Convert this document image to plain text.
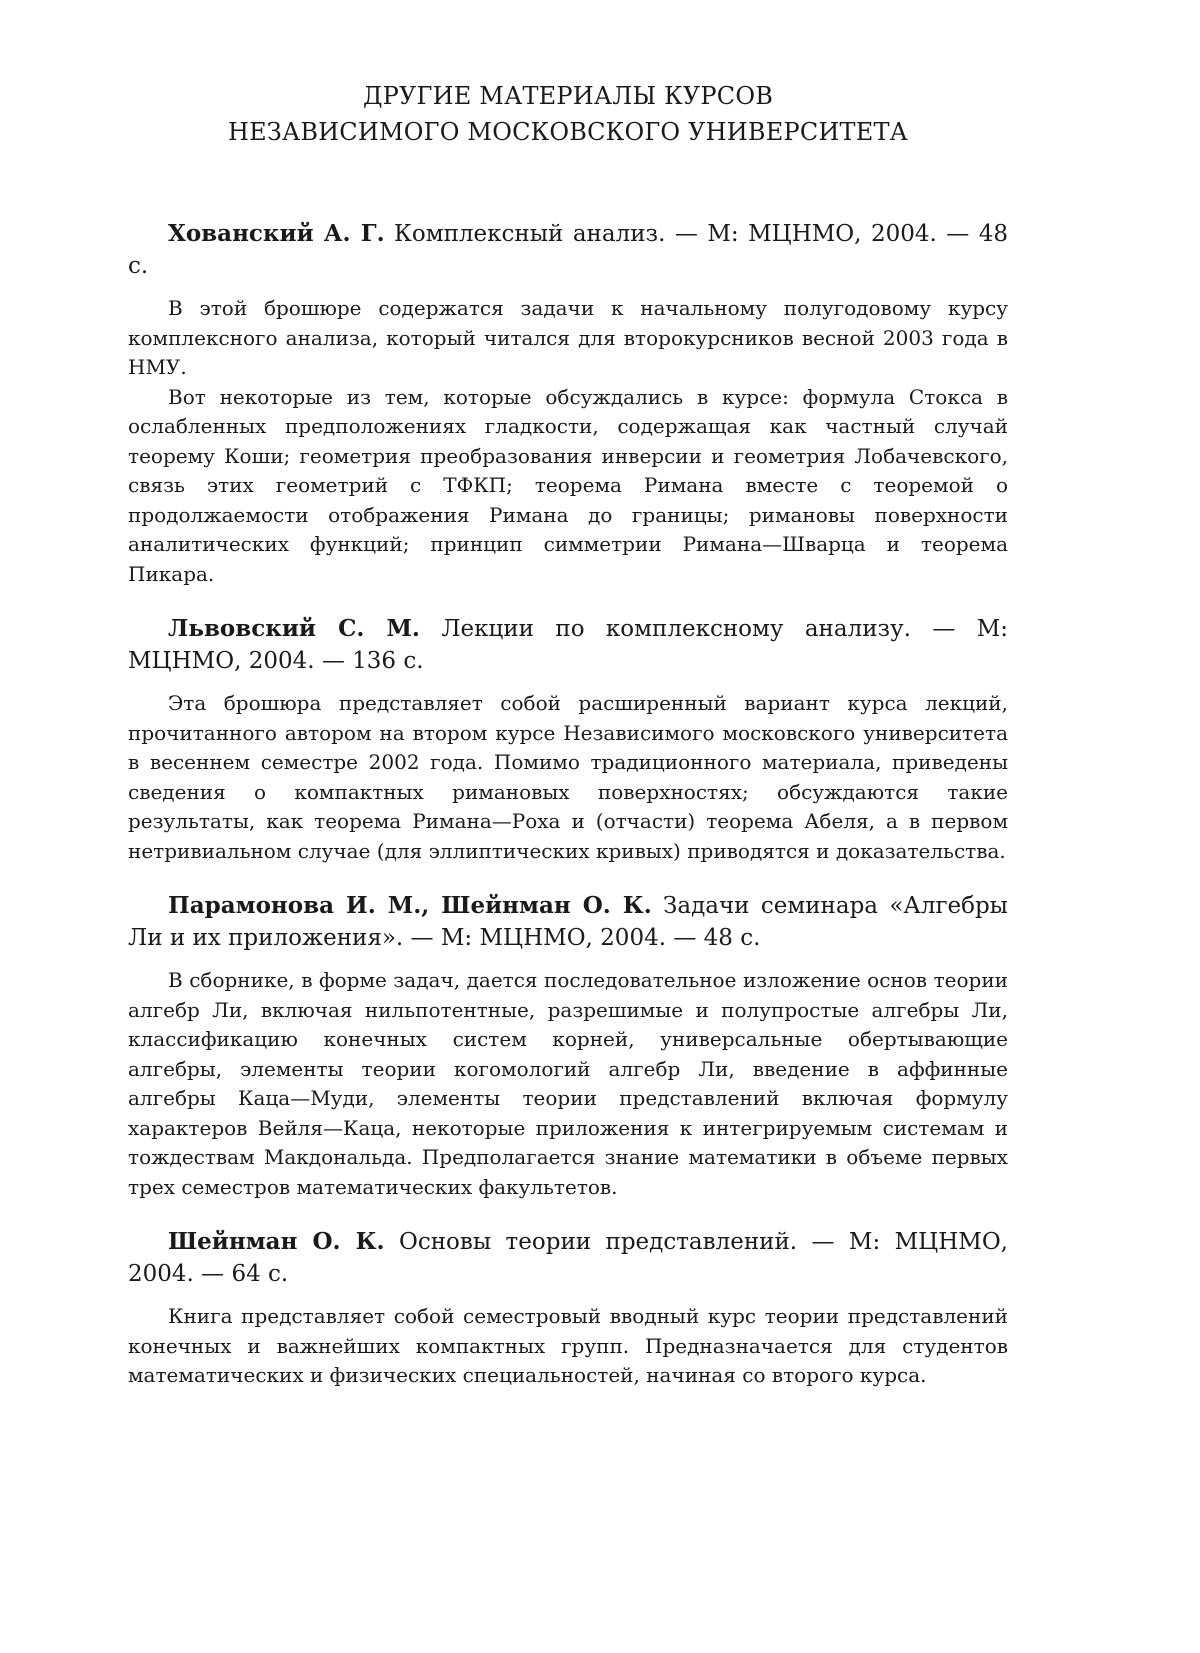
ДРУГИЕ МАТЕРИАЛЫ КУРСОВ
НЕЗАВИСИМОГО МОСКОВСКОГО УНИВЕРСИТЕТА

Хованский А. Г. Комплексный анализ. — М: МЦНМО, 2004. — 48 с.

В этой брошюре содержатся задачи к начальному полугодовому курсу комплексного анализа, который читался для второкурсников весной 2003 года в НМУ.

Вот некоторые из тем, которые обсуждались в курсе: формула Стокса в ослабленных предположениях гладкости, содержащая как частный случай теорему Коши; геометрия преобразования инверсии и геометрия Лобачевского, связь этих геометрий с ТФКП; теорема Римана вместе с теоремой о продолжаемости отображения Римана до границы; римановы поверхности аналитических функций; принцип симметрии Римана—Шварца и теорема Пикара.

Львовский С. М. Лекции по комплексному анализу. — М: МЦНМО, 2004. — 136 с.

Эта брошюра представляет собой расширенный вариант курса лекций, прочитанного автором на втором курсе Независимого московского университета в весеннем семестре 2002 года. Помимо традиционного материала, приведены сведения о компактных римановых поверхностях; обсуждаются такие результаты, как теорема Римана—Роха и (отчасти) теорема Абеля, а в первом нетривиальном случае (для эллиптических кривых) приводятся и доказательства.

Парамонова И. М., Шейнман О. К. Задачи семинара «Алгебры Ли и их приложения». — М: МЦНМО, 2004. — 48 с.

В сборнике, в форме задач, дается последовательное изложение основ теории алгебр Ли, включая нильпотентные, разрешимые и полупростые алгебры Ли, классификацию конечных систем корней, универсальные обертывающие алгебры, элементы теории когомологий алгебр Ли, введение в аффинные алгебры Каца—Муди, элементы теории представлений включая формулу характеров Вейля—Каца, некоторые приложения к интегрируемым системам и тождествам Макдональда. Предполагается знание математики в объеме первых трех семестров математических факультетов.

Шейнман О. К. Основы теории представлений. — М: МЦНМО, 2004. — 64 с.

Книга представляет собой семестровый вводный курс теории представлений конечных и важнейших компактных групп. Предназначается для студентов математических и физических специальностей, начиная со второго курса.
